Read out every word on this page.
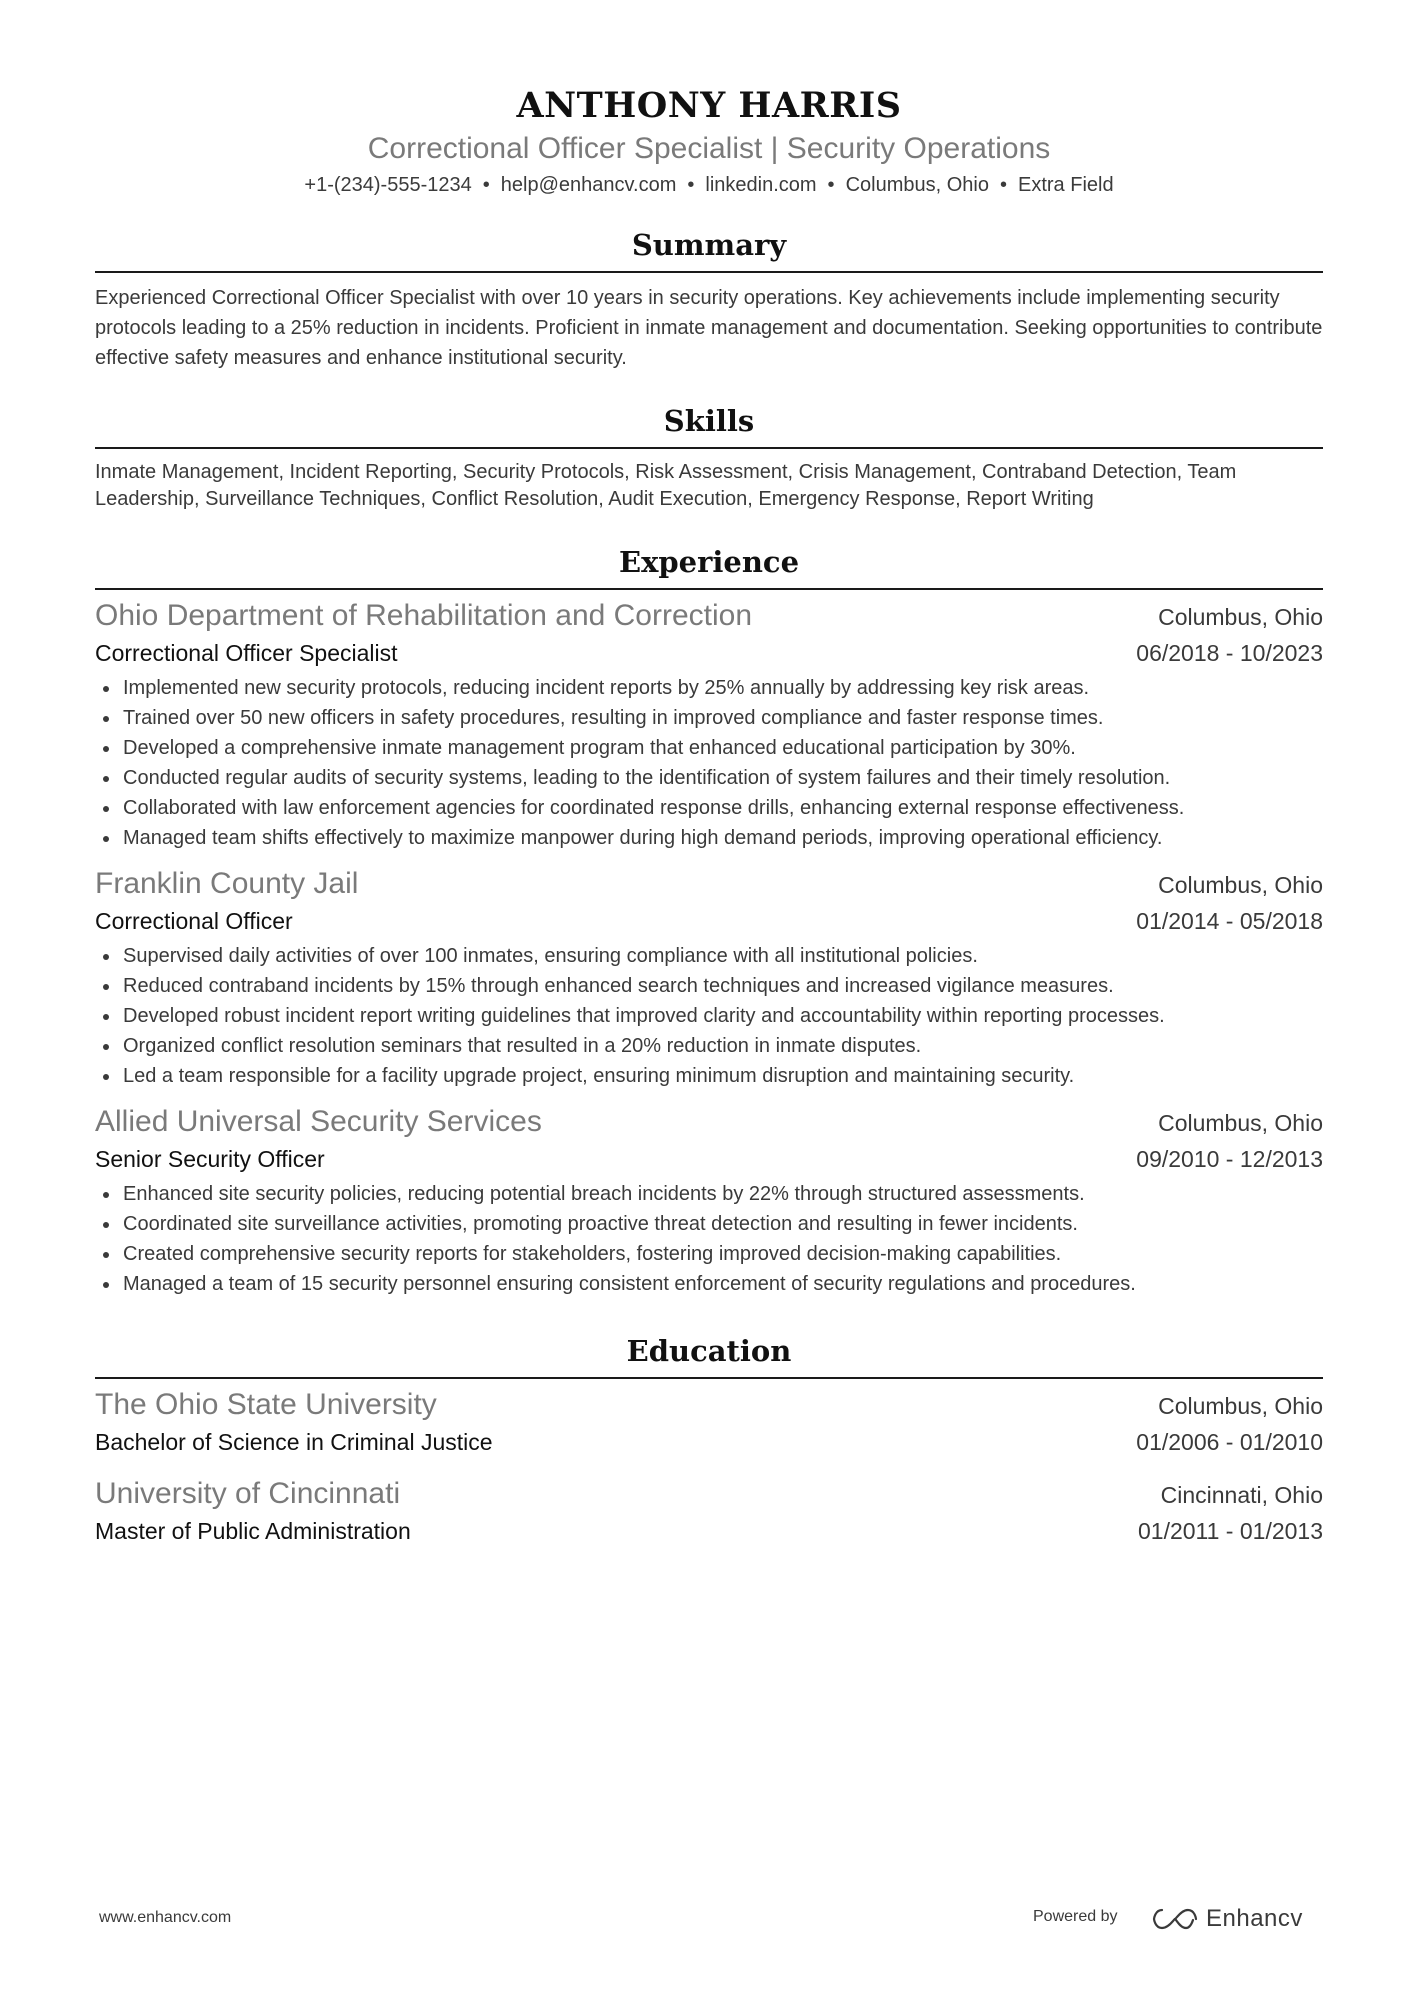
ANTHONY HARRIS
Correctional Officer Specialist | Security Operations
+1-(234)-555-1234 • help@enhancv.com • linkedin.com • Columbus, Ohio • Extra Field
Summary
Experienced Correctional Officer Specialist with over 10 years in security operations. Key achievements include implementing security protocols leading to a 25% reduction in incidents. Proficient in inmate management and documentation. Seeking opportunities to contribute effective safety measures and enhance institutional security.
Skills
Inmate Management, Incident Reporting, Security Protocols, Risk Assessment, Crisis Management, Contraband Detection, Team Leadership, Surveillance Techniques, Conflict Resolution, Audit Execution, Emergency Response, Report Writing
Experience
Ohio Department of Rehabilitation and Correction	Columbus, Ohio
Correctional Officer Specialist	06/2018 - 10/2023
Implemented new security protocols, reducing incident reports by 25% annually by addressing key risk areas.
Trained over 50 new officers in safety procedures, resulting in improved compliance and faster response times.
Developed a comprehensive inmate management program that enhanced educational participation by 30%.
Conducted regular audits of security systems, leading to the identification of system failures and their timely resolution.
Collaborated with law enforcement agencies for coordinated response drills, enhancing external response effectiveness.
Managed team shifts effectively to maximize manpower during high demand periods, improving operational efficiency.
Franklin County Jail	Columbus, Ohio
Correctional Officer	01/2014 - 05/2018
Supervised daily activities of over 100 inmates, ensuring compliance with all institutional policies.
Reduced contraband incidents by 15% through enhanced search techniques and increased vigilance measures.
Developed robust incident report writing guidelines that improved clarity and accountability within reporting processes.
Organized conflict resolution seminars that resulted in a 20% reduction in inmate disputes.
Led a team responsible for a facility upgrade project, ensuring minimum disruption and maintaining security.
Allied Universal Security Services	Columbus, Ohio
Senior Security Officer	09/2010 - 12/2013
Enhanced site security policies, reducing potential breach incidents by 22% through structured assessments.
Coordinated site surveillance activities, promoting proactive threat detection and resulting in fewer incidents.
Created comprehensive security reports for stakeholders, fostering improved decision-making capabilities.
Managed a team of 15 security personnel ensuring consistent enforcement of security regulations and procedures.
Education
The Ohio State University	Columbus, Ohio
Bachelor of Science in Criminal Justice	01/2006 - 01/2010
University of Cincinnati	Cincinnati, Ohio
Master of Public Administration	01/2011 - 01/2013
www.enhancv.com	Powered by	Enhancv
